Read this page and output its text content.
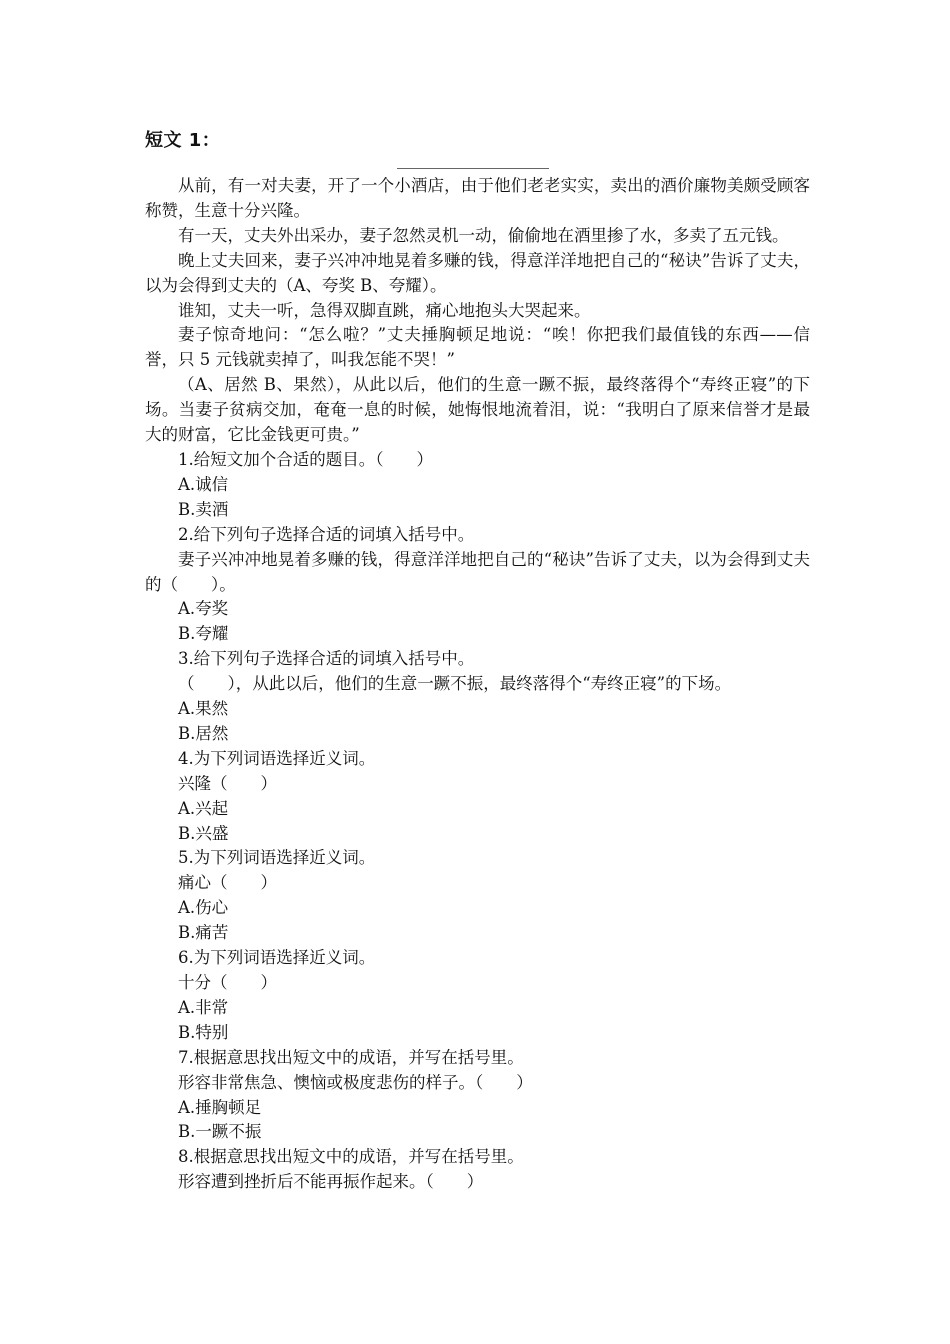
短文 1：

从前，有一对夫妻，开了一个小酒店，由于他们老老实实，卖出的酒价廉物美颇受顾客称赞，生意十分兴隆。

有一天，丈夫外出采办，妻子忽然灵机一动，偷偷地在酒里掺了水，多卖了五元钱。

晚上丈夫回来，妻子兴冲冲地晃着多赚的钱，得意洋洋地把自己的“秘诀”告诉了丈夫，以为会得到丈夫的（A、夸奖 B、夸耀）。

谁知，丈夫一听，急得双脚直跳，痛心地抱头大哭起来。

妻子惊奇地问：“怎么啦？”丈夫捶胸顿足地说：“唉！你把我们最值钱的东西——信誉，只 5 元钱就卖掉了，叫我怎能不哭！”

（A、居然 B、果然），从此以后，他们的生意一蹶不振，最终落得个“寿终正寝”的下场。当妻子贫病交加，奄奄一息的时候，她悔恨地流着泪，说：“我明白了原来信誉才是最大的财富，它比金钱更可贵。”

1.给短文加个合适的题目。（　　）
A.诚信
B.卖酒
2.给下列句子选择合适的词填入括号中。

妻子兴冲冲地晃着多赚的钱，得意洋洋地把自己的“秘诀”告诉了丈夫，以为会得到丈夫的（　　）。

A.夸奖
B.夸耀
3.给下列句子选择合适的词填入括号中。
（　　），从此以后，他们的生意一蹶不振，最终落得个“寿终正寝”的下场。
A.果然
B.居然
4.为下列词语选择近义词。
兴隆（　　）
A.兴起
B.兴盛
5.为下列词语选择近义词。
痛心（　　）
A.伤心
B.痛苦
6.为下列词语选择近义词。
十分（　　）
A.非常
B.特别
7.根据意思找出短文中的成语，并写在括号里。
形容非常焦急、懊恼或极度悲伤的样子。（　　）
A.捶胸顿足
B.一蹶不振
8.根据意思找出短文中的成语，并写在括号里。
形容遭到挫折后不能再振作起来。（　　）
